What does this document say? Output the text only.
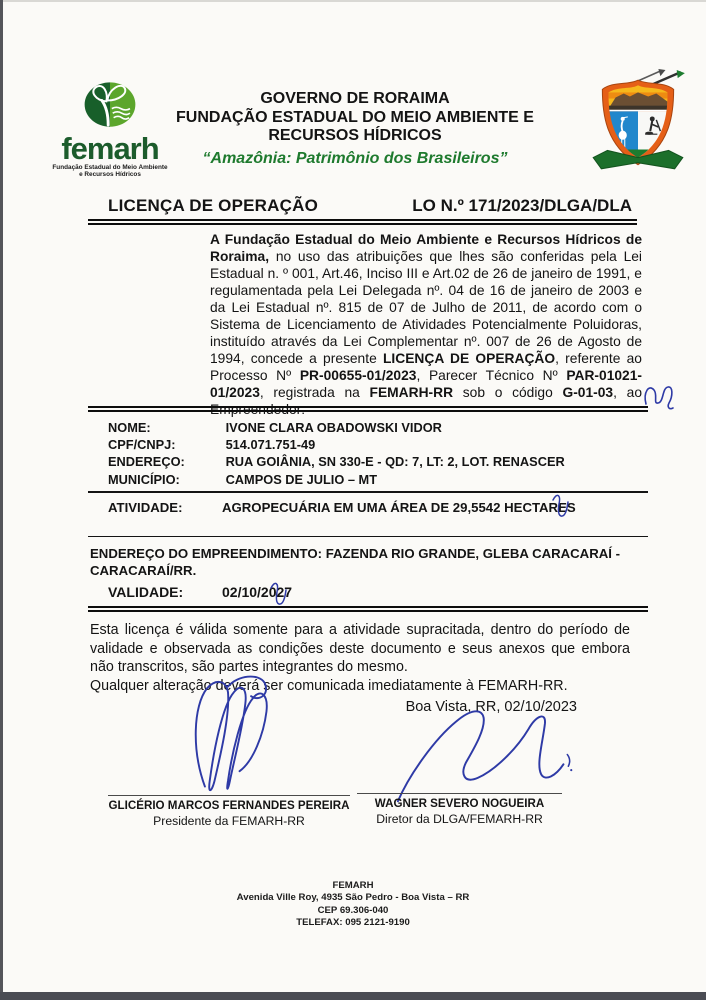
femarh
Fundação Estadual do Meio Ambiente
e Recursos Hídricos
GOVERNO DE RORAIMA
FUNDAÇÃO ESTADUAL DO MEIO AMBIENTE E
RECURSOS HÍDRICOS
“Amazônia: Patrimônio dos Brasileiros”
LICENÇA DE OPERAÇÃO	LO N.º 171/2023/DLGA/DLA
A Fundação Estadual do Meio Ambiente e Recursos Hídricos de Roraima, no uso das atribuições que lhes são conferidas pela Lei Estadual n. º 001, Art.46, Inciso III e Art.02 de 26 de janeiro de 1991, e regulamentada pela Lei Delegada nº. 04 de 16 de janeiro de 2003 e da Lei Estadual nº. 815 de 07 de Julho de 2011, de acordo com o Sistema de Licenciamento de Atividades Potencialmente Poluidoras, instituído através da Lei Complementar nº. 007 de 26 de Agosto de 1994, concede a presente LICENÇA DE OPERAÇÃO, referente ao Processo Nº PR-00655-01/2023, Parecer Técnico Nº PAR-01021-01/2023, registrada na FEMARH-RR sob o código G-01-03, ao Empreendedor:
NOME:	IVONE CLARA OBADOWSKI VIDOR
CPF/CNPJ:	514.071.751-49
ENDEREÇO:	RUA GOIÂNIA, SN 330-E - QD: 7, LT: 2, LOT. RENASCER
MUNICÍPIO:	CAMPOS DE JULIO – MT
ATIVIDADE:	AGROPECUÁRIA EM UMA ÁREA DE 29,5542 HECTARES
ENDEREÇO DO EMPREENDIMENTO: FAZENDA RIO GRANDE, GLEBA CARACARAÍ - CARACARAÍ/RR.
VALIDADE:	02/10/2027
Esta licença é válida somente para a atividade supracitada, dentro do período de validade e observada as condições deste documento e seus anexos que embora não transcritos, são partes integrantes do mesmo.
Qualquer alteração deverá ser comunicada imediatamente à FEMARH-RR.
Boa Vista, RR, 02/10/2023
GLICÉRIO MARCOS FERNANDES PEREIRA
Presidente da FEMARH-RR
WAGNER SEVERO NOGUEIRA
Diretor da DLGA/FEMARH-RR
FEMARH
Avenida Ville Roy, 4935 São Pedro - Boa Vista – RR
CEP 69.306-040
TELEFAX: 095 2121-9190
